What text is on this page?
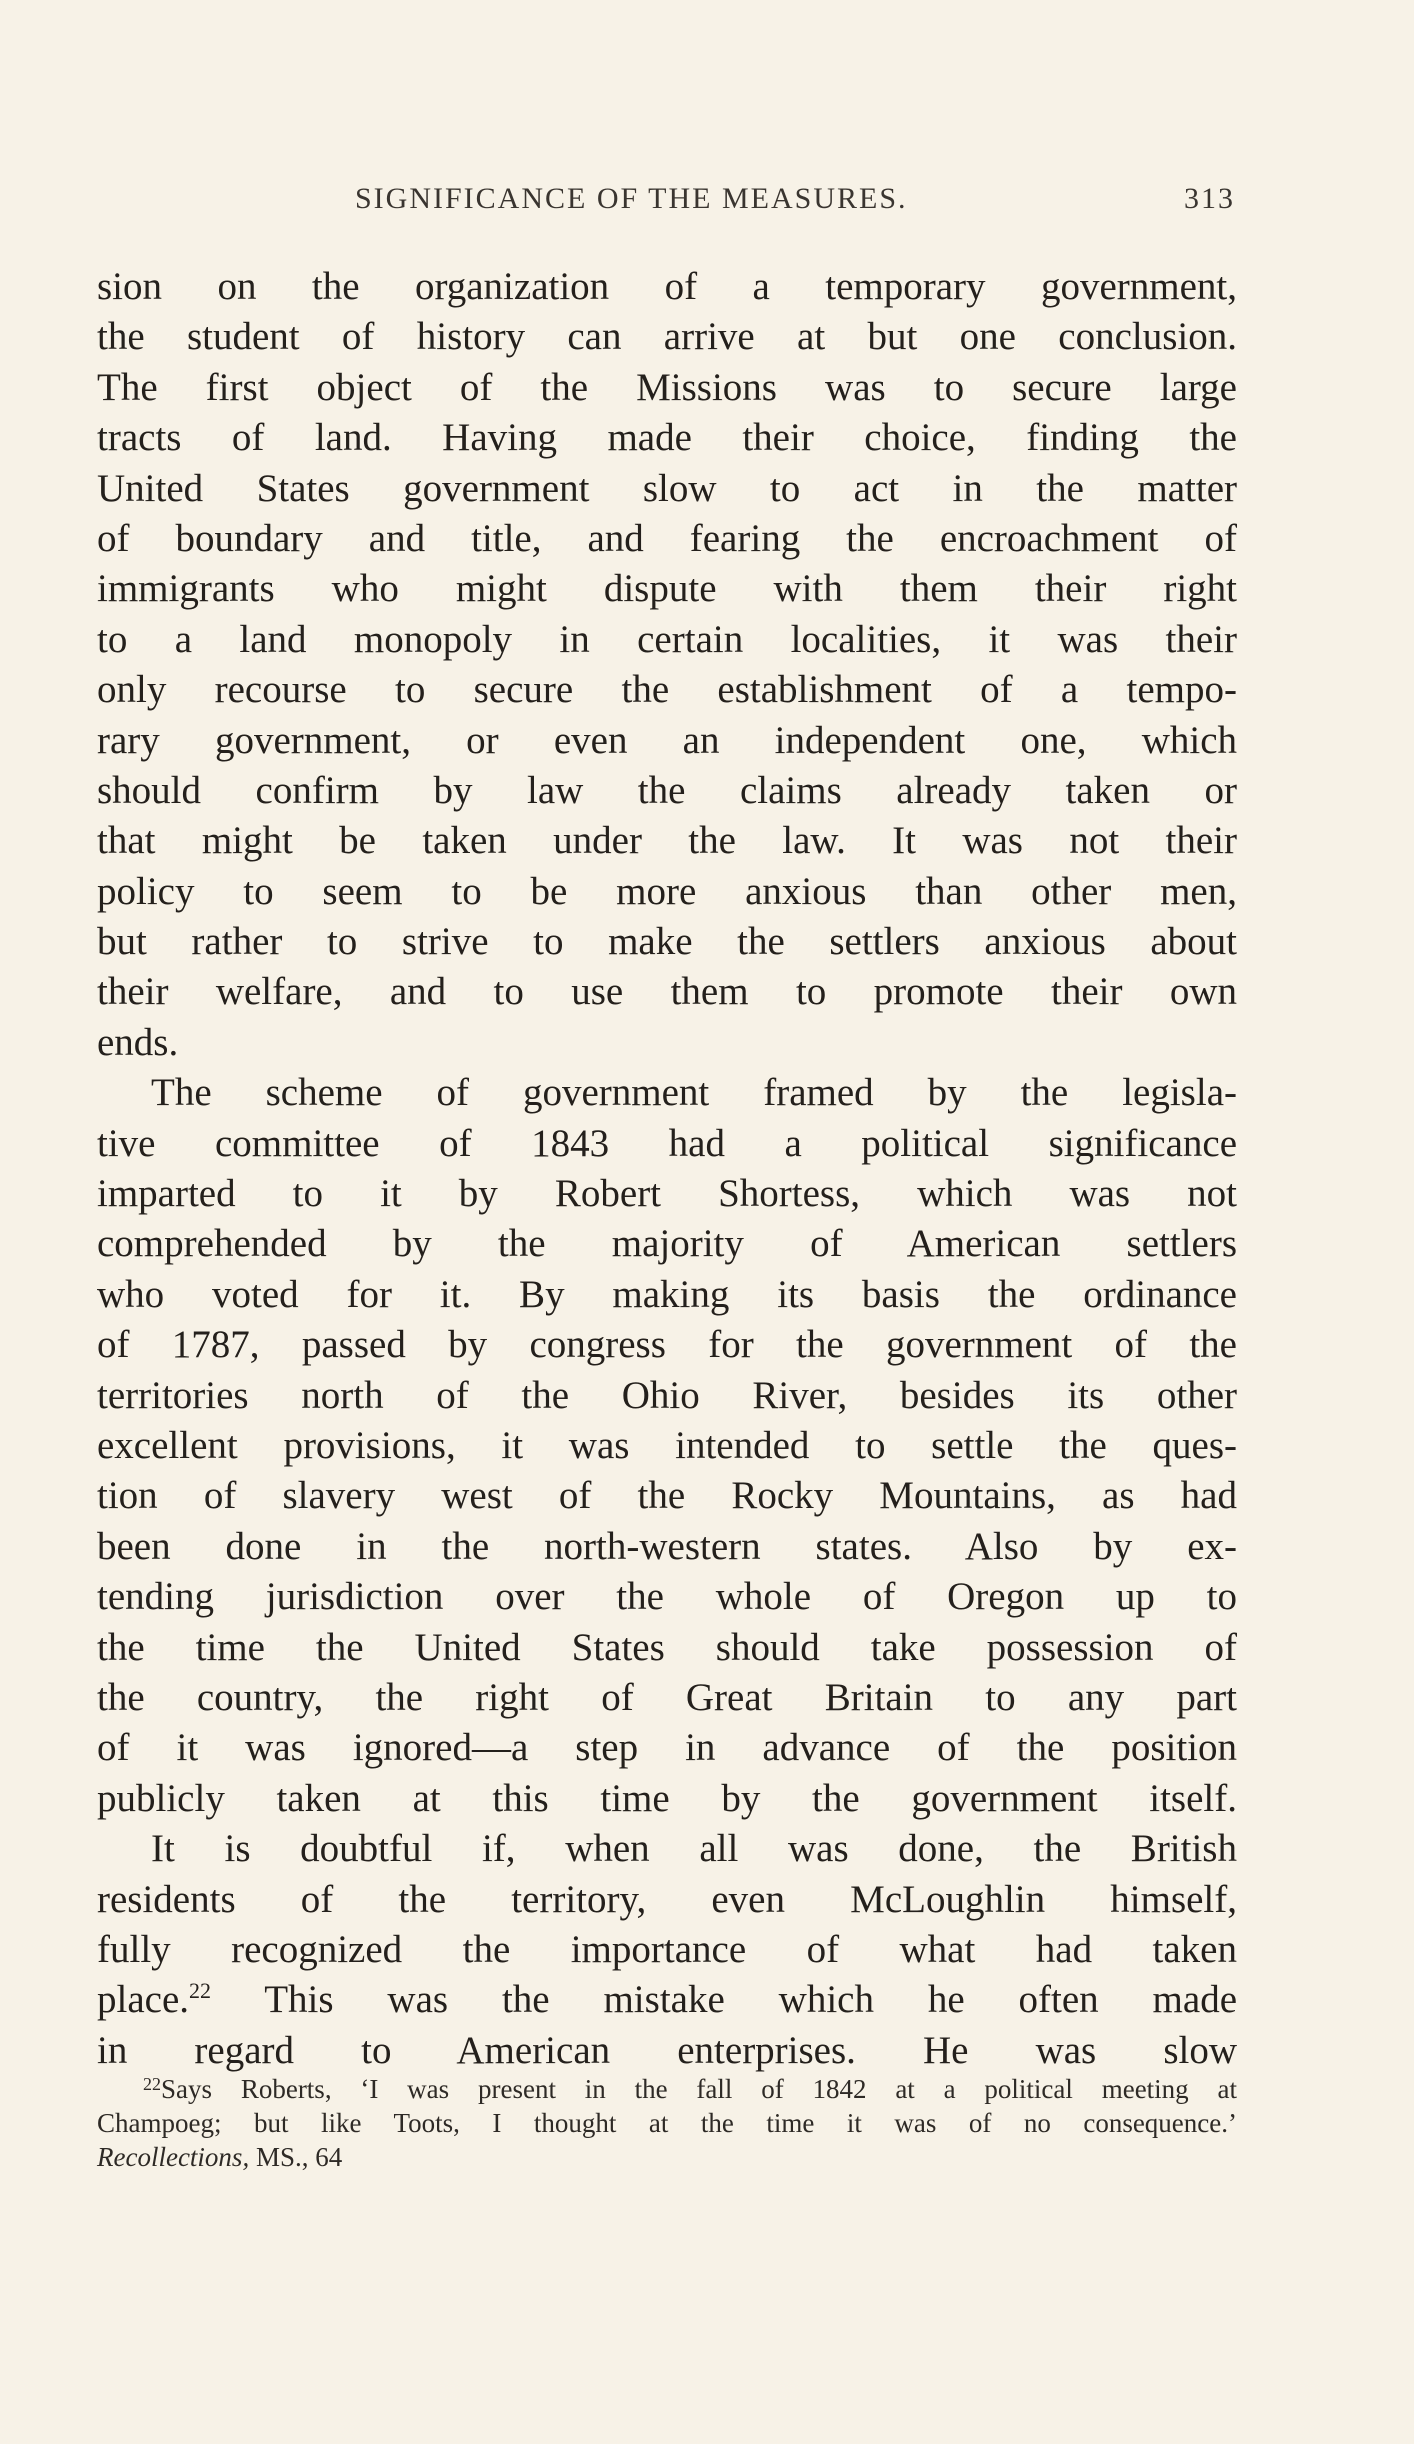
SIGNIFICANCE OF THE MEASURES.	313
sion on the organization of a temporary government,
the student of history can arrive at but one conclusion.
The first object of the Missions was to secure large
tracts of land. Having made their choice, finding the
United States government slow to act in the matter
of boundary and title, and fearing the encroachment of
immigrants who might dispute with them their right
to a land monopoly in certain localities, it was their
only recourse to secure the establishment of a tempo-
rary government, or even an independent one, which
should confirm by law the claims already taken or
that might be taken under the law. It was not their
policy to seem to be more anxious than other men,
but rather to strive to make the settlers anxious about
their welfare, and to use them to promote their own
ends.
The scheme of government framed by the legisla-
tive committee of 1843 had a political significance
imparted to it by Robert Shortess, which was not
comprehended by the majority of American settlers
who voted for it. By making its basis the ordinance
of 1787, passed by congress for the government of the
territories north of the Ohio River, besides its other
excellent provisions, it was intended to settle the ques-
tion of slavery west of the Rocky Mountains, as had
been done in the north-western states. Also by ex-
tending jurisdiction over the whole of Oregon up to
the time the United States should take possession of
the country, the right of Great Britain to any part
of it was ignored—a step in advance of the position
publicly taken at this time by the government itself.
It is doubtful if, when all was done, the British
residents of the territory, even McLoughlin himself,
fully recognized the importance of what had taken
place.$^{22}$ This was the mistake which he often made
in regard to American enterprises. He was slow
$^{22}$Says Roberts, ‘I was present in the fall of 1842 at a political meeting at
Champoeg; but like Toots, I thought at the time it was of no consequence.’
Recollections, MS., 64
